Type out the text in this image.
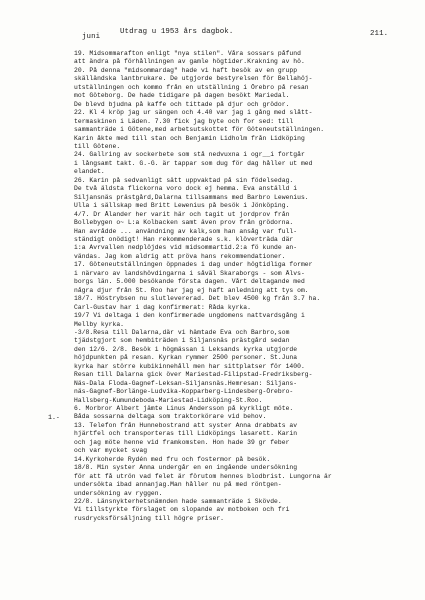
juni
Utdrag u 1953 års dagbok.	211.
1.-
19. Midsommarafton enligt "nya stilen". Våra sossars påfund
att ändra på förhållningen av gamle högtider.Krakning av hö.
20. På denna "midsommardag" hade vi haft besök av en grupp
skälländska lantbrukare. De utgjorde bestyrelsen för Bellahöj-
utställningen och kommo från en utställning i Örebro på resan
mot Göteborg. De hade tidigare på dagen besökt Mariedal.
De blevd bjudna på kaffe och tittade på djur och grödor.
22. Kl 4 kröp jag ur sängen och 4.40 var jag i gång med slått-
termaskinen i Läden. 7.30 fick jag byte och for sed: till
sammanträde i Götene,med arbetsutskottet för Göteneutställningen.
Karin åkte med till stan och Benjamin Lidholm från Lidköping
till Götene.
24. Gallring av sockerbete som stå nedvuxna i ogr__i fortgår
i långsamt takt. G.-G. är tappar som dug för dag håller ut med
elandet.
26. Karin på sedvanligt sätt uppvaktad på sin födelsedag.
De två äldsta flickorna voro dock ej hemma. Eva anställd i
Siljansnäs prästgård,Dalarna tillsammans med Barbro Lewenius.
Ulla i sällskap med Britt Lewenius på besök i Jönköping.
4/7. Dr Ålander her varit här och tagit ut jordprov från
Bollebygen o~ L:a Kolbacken samt även prov från grödorna.
Han avrådde ... användning av kalk,som han ansåg var full-
ständigt onödigt! Han rekommenderade s.k. klöverträda där
i:a Avrvallen nedplöjdes vid midsommartid.2:a fö kunde an-
vändas. Jag kom aldrig att pröva hans rekommendationer.
17. Göteneutställningen öppnades i dag under högtidliga former
i närvaro av landshövdingarna i såväl Skaraborgs - som Älvs-
borgs län. 5.000 besökande första dagen. Vårt deltagande med
några djur från St. Roo har jag ej haft anledning att tys om.
18/7. Höstrybsen nu slutlevererad. Det blev 4500 kg från 3.7 ha.
Carl-Gustav har i dag konfirmerat: Råda kyrka.
19/7 Vi deltaga i den konfirmerade ungdomens nattvardsgång i
Mellby kyrka.
-3/8.Resa till Dalarna,där vi hämtade Eva och Barbro,som
tjädstgjort som hembiträden i Siljansnäs prästgård sedan
den 12/6. 2/8. Besök i högmässan i Leksands kyrka utgjorde
höjdpunkten på resan. Kyrkan rymmer 2500 personer. St.Juna
kyrka har större kubikinnehåll men har sittplatser för 1400.
Resan till Dalarna gick över Mariestad-Filipstad-Fredriksberg-
Näs-Dala Floda-Gagnef-Leksan-Siljansnäs.Hemresan: Siljans-
näs-Gagnef-Borlänge-Ludvika-Kopparberg-Lindesberg-Örebro-
Hallsberg-Kumundeboda-Mariestad-Lidköping-St.Roo.
6. Morbror Albert jämte Linus Andersson på kyrkligt möte.
Båda sossarna deltaga som traktorkörare vid behov.
13. Telefon från Hunnebostrand att syster Anna drabbats av
hjärtfel och transporteras till Lidköpings lasarett. Karin
och jag möte henne vid framkomsten. Hon hade 39 gr feber
och var mycket svag
14.Kyrkoherde Rydén med fru och fostermor på besök.
18/8. Min syster Anna undergår en en ingående undersökning
för att få utrön vad felet är förutom hennes blodbrist. Lungorna är
undersökta ibad annanjag.Man håller nu på med röntgen-
undersökning av ryggen.
22/8. Länsnykterhetsnämnden hade sammanträde i Skövde.
Vi tillstyrkte förslaget om slopande av motboken och fri
rusdrycksförsäljning till högre priser.
